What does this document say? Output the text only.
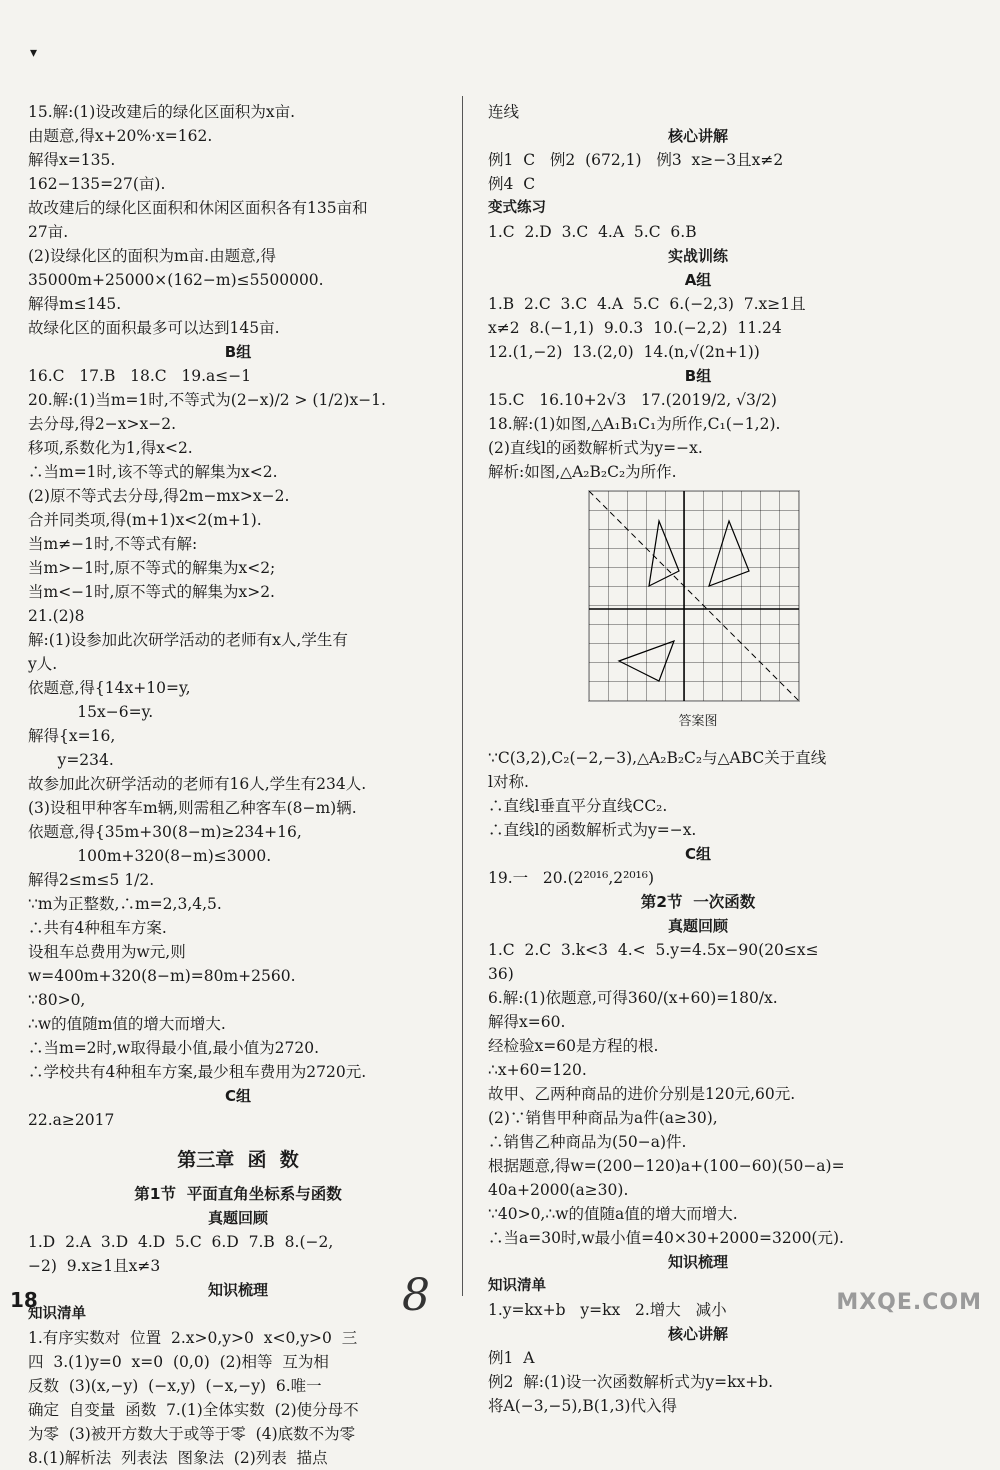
▾
15.解:(1)设改建后的绿化区面积为x亩.
由题意,得x+20%·x=162.
解得x=135.
162−135=27(亩).
故改建后的绿化区面积和休闲区面积各有135亩和
27亩.
(2)设绿化区的面积为m亩.由题意,得
35000m+25000×(162−m)≤5500000.
解得m≤145.
故绿化区的面积最多可以达到145亩.
B组
16.C   17.B   18.C   19.a≤−1
20.解:(1)当m=1时,不等式为(2−x)/2 > (1/2)x−1.
去分母,得2−x>x−2.
移项,系数化为1,得x<2.
∴当m=1时,该不等式的解集为x<2.
(2)原不等式去分母,得2m−mx>x−2.
合并同类项,得(m+1)x<2(m+1).
当m≠−1时,不等式有解:
当m>−1时,原不等式的解集为x<2;
当m<−1时,原不等式的解集为x>2.
21.(2)8
解:(1)设参加此次研学活动的老师有x人,学生有
y人.
依题意,得{14x+10=y,
15x−6=y.
解得{x=16,
y=234.
故参加此次研学活动的老师有16人,学生有234人.
(3)设租甲种客车m辆,则需租乙种客车(8−m)辆.
依题意,得{35m+30(8−m)≥234+16,
100m+320(8−m)≤3000.
解得2≤m≤5 1/2.
∵m为正整数,∴m=2,3,4,5.
∴共有4种租车方案.
设租车总费用为w元,则
w=400m+320(8−m)=80m+2560.
∵80>0,
∴w的值随m值的增大而增大.
∴当m=2时,w取得最小值,最小值为2720.
∴学校共有4种租车方案,最少租车费用为2720元.
C组
22.a≥2017
第三章  函  数
第1节  平面直角坐标系与函数
真题回顾
1.D  2.A  3.D  4.D  5.C  6.D  7.B  8.(−2,
−2)  9.x≥1且x≠3
知识梳理
知识清单
1.有序实数对  位置  2.x>0,y>0  x<0,y>0  三
四  3.(1)y=0  x=0  (0,0)  (2)相等  互为相
反数  (3)(x,−y)  (−x,y)  (−x,−y)  6.唯一
确定  自变量  函数  7.(1)全体实数  (2)使分母不
为零  (3)被开方数大于或等于零  (4)底数不为零
8.(1)解析法  列表法  图象法  (2)列表  描点
连线
核心讲解
例1  C   例2  (672,1)   例3  x≥−3且x≠2
例4  C
变式练习
1.C  2.D  3.C  4.A  5.C  6.B
实战训练
A组
1.B  2.C  3.C  4.A  5.C  6.(−2,3)  7.x≥1且
x≠2  8.(−1,1)  9.0.3  10.(−2,2)  11.24
12.(1,−2)  13.(2,0)  14.(n,√(2n+1))
B组
15.C   16.10+2√3   17.(2019/2, √3/2)
18.解:(1)如图,△A₁B₁C₁为所作,C₁(−1,2).
(2)直线l的函数解析式为y=−x.
解析:如图,△A₂B₂C₂为所作.
答案图
∵C(3,2),C₂(−2,−3),△A₂B₂C₂与△ABC关于直线
l对称.
∴直线l垂直平分直线CC₂.
∴直线l的函数解析式为y=−x.
C组
19.一   20.(2²⁰¹⁶,2²⁰¹⁶)
第2节  一次函数
真题回顾
1.C  2.C  3.k<3  4.<  5.y=4.5x−90(20≤x≤
36)
6.解:(1)依题意,可得360/(x+60)=180/x.
解得x=60.
经检验x=60是方程的根.
∴x+60=120.
故甲、乙两种商品的进价分别是120元,60元.
(2)∵销售甲种商品为a件(a≥30),
∴销售乙种商品为(50−a)件.
根据题意,得w=(200−120)a+(100−60)(50−a)=
40a+2000(a≥30).
∵40>0,∴w的值随a值的增大而增大.
∴当a=30时,w最小值=40×30+2000=3200(元).
知识梳理
知识清单
1.y=kx+b   y=kx   2.增大   减小
核心讲解
例1  A
例2  解:(1)设一次函数解析式为y=kx+b.
将A(−3,−5),B(1,3)代入得
18	8	MXQE.COM
